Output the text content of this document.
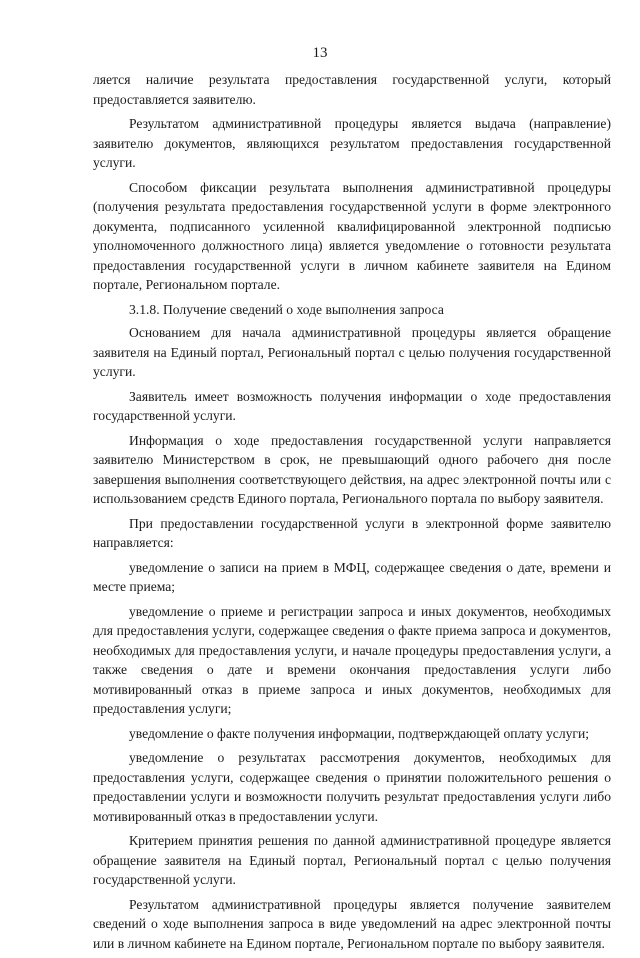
13

ляется наличие результата предоставления государственной услуги, который предоставляется заявителю.

Результатом административной процедуры является выдача (направление) заявителю документов, являющихся результатом предоставления государственной услуги.

Способом фиксации результата выполнения административной процедуры (получения результата предоставления государственной услуги в форме электронного документа, подписанного усиленной квалифицированной электронной подписью уполномоченного должностного лица) является уведомление о готовности результата предоставления государственной услуги в личном кабинете заявителя на Едином портале, Региональном портале.

3.1.8. Получение сведений о ходе выполнения запроса

Основанием для начала административной процедуры является обращение заявителя на Единый портал, Региональный портал с целью получения государственной услуги.

Заявитель имеет возможность получения информации о ходе предоставления государственной услуги.

Информация о ходе предоставления государственной услуги направляется заявителю Министерством в срок, не превышающий одного рабочего дня после завершения выполнения соответствующего действия, на адрес электронной почты или с использованием средств Единого портала, Регионального портала по выбору заявителя.

При предоставлении государственной услуги в электронной форме заявителю направляется:

уведомление о записи на прием в МФЦ, содержащее сведения о дате, времени и месте приема;

уведомление о приеме и регистрации запроса и иных документов, необходимых для предоставления услуги, содержащее сведения о факте приема запроса и документов, необходимых для предоставления услуги, и начале процедуры предоставления услуги, а также сведения о дате и времени окончания предоставления услуги либо мотивированный отказ в приеме запроса и иных документов, необходимых для предоставления услуги;

уведомление о факте получения информации, подтверждающей оплату услуги;

уведомление о результатах рассмотрения документов, необходимых для предоставления услуги, содержащее сведения о принятии положительного решения о предоставлении услуги и возможности получить результат предоставления услуги либо мотивированный отказ в предоставлении услуги.

Критерием принятия решения по данной административной процедуре является обращение заявителя на Единый портал, Региональный портал с целью получения государственной услуги.

Результатом административной процедуры является получение заявителем сведений о ходе выполнения запроса в виде уведомлений на адрес электронной почты или в личном кабинете на Едином портале, Региональном портале по выбору заявителя.
